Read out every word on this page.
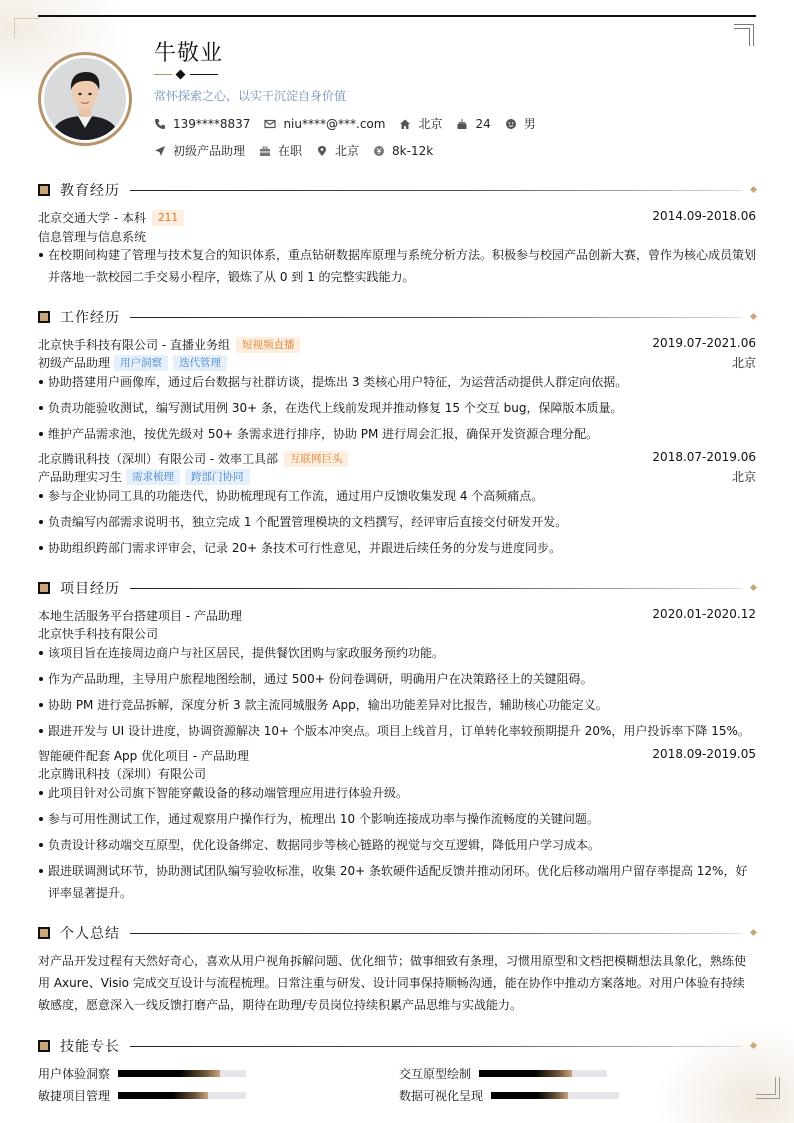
牛敬业
常怀探索之心，以实干沉淀自身价值
139****8837	niu****@***.com	北京	24	男
初级产品助理	在职	北京	8k-12k
教育经历
北京交通大学 - 本科 211	2014.09-2018.06
信息管理与信息系统
在校期间构建了管理与技术复合的知识体系，重点钻研数据库原理与系统分析方法。积极参与校园产品创新大赛，曾作为核心成员策划并落地一款校园二手交易小程序，锻炼了从 0 到 1 的完整实践能力。
工作经历
北京快手科技有限公司 - 直播业务组 短视频直播	2019.07-2021.06
初级产品助理 用户洞察 迭代管理	北京
协助搭建用户画像库，通过后台数据与社群访谈，提炼出 3 类核心用户特征，为运营活动提供人群定向依据。
负责功能验收测试，编写测试用例 30+ 条，在迭代上线前发现并推动修复 15 个交互 bug，保障版本质量。
维护产品需求池，按优先级对 50+ 条需求进行排序，协助 PM 进行周会汇报，确保开发资源合理分配。
北京腾讯科技（深圳）有限公司 - 效率工具部 互联网巨头	2018.07-2019.06
产品助理实习生 需求梳理 跨部门协同	北京
参与企业协同工具的功能迭代，协助梳理现有工作流，通过用户反馈收集发现 4 个高频痛点。
负责编写内部需求说明书，独立完成 1 个配置管理模块的文档撰写，经评审后直接交付研发开发。
协助组织跨部门需求评审会，记录 20+ 条技术可行性意见，并跟进后续任务的分发与进度同步。
项目经历
本地生活服务平台搭建项目 - 产品助理	2020.01-2020.12
北京快手科技有限公司
该项目旨在连接周边商户与社区居民，提供餐饮团购与家政服务预约功能。
作为产品助理，主导用户旅程地图绘制，通过 500+ 份问卷调研，明确用户在决策路径上的关键阻碍。
协助 PM 进行竞品拆解，深度分析 3 款主流同城服务 App，输出功能差异对比报告，辅助核心功能定义。
跟进开发与 UI 设计进度，协调资源解决 10+ 个版本冲突点。项目上线首月，订单转化率较预期提升 20%，用户投诉率下降 15%。
智能硬件配套 App 优化项目 - 产品助理	2018.09-2019.05
北京腾讯科技（深圳）有限公司
此项目针对公司旗下智能穿戴设备的移动端管理应用进行体验升级。
参与可用性测试工作，通过观察用户操作行为，梳理出 10 个影响连接成功率与操作流畅度的关键问题。
负责设计移动端交互原型，优化设备绑定、数据同步等核心链路的视觉与交互逻辑，降低用户学习成本。
跟进联调测试环节，协助测试团队编写验收标准，收集 20+ 条软硬件适配反馈并推动闭环。优化后移动端用户留存率提高 12%，好评率显著提升。
个人总结
对产品开发过程有天然好奇心，喜欢从用户视角拆解问题、优化细节；做事细致有条理，习惯用原型和文档把模糊想法具象化，熟练使用 Axure、Visio 完成交互设计与流程梳理。日常注重与研发、设计同事保持顺畅沟通，能在协作中推动方案落地。对用户体验有持续敏感度，愿意深入一线反馈打磨产品，期待在助理/专员岗位持续积累产品思维与实战能力。
技能专长
用户体验洞察	交互原型绘制
敏捷项目管理	数据可视化呈现
